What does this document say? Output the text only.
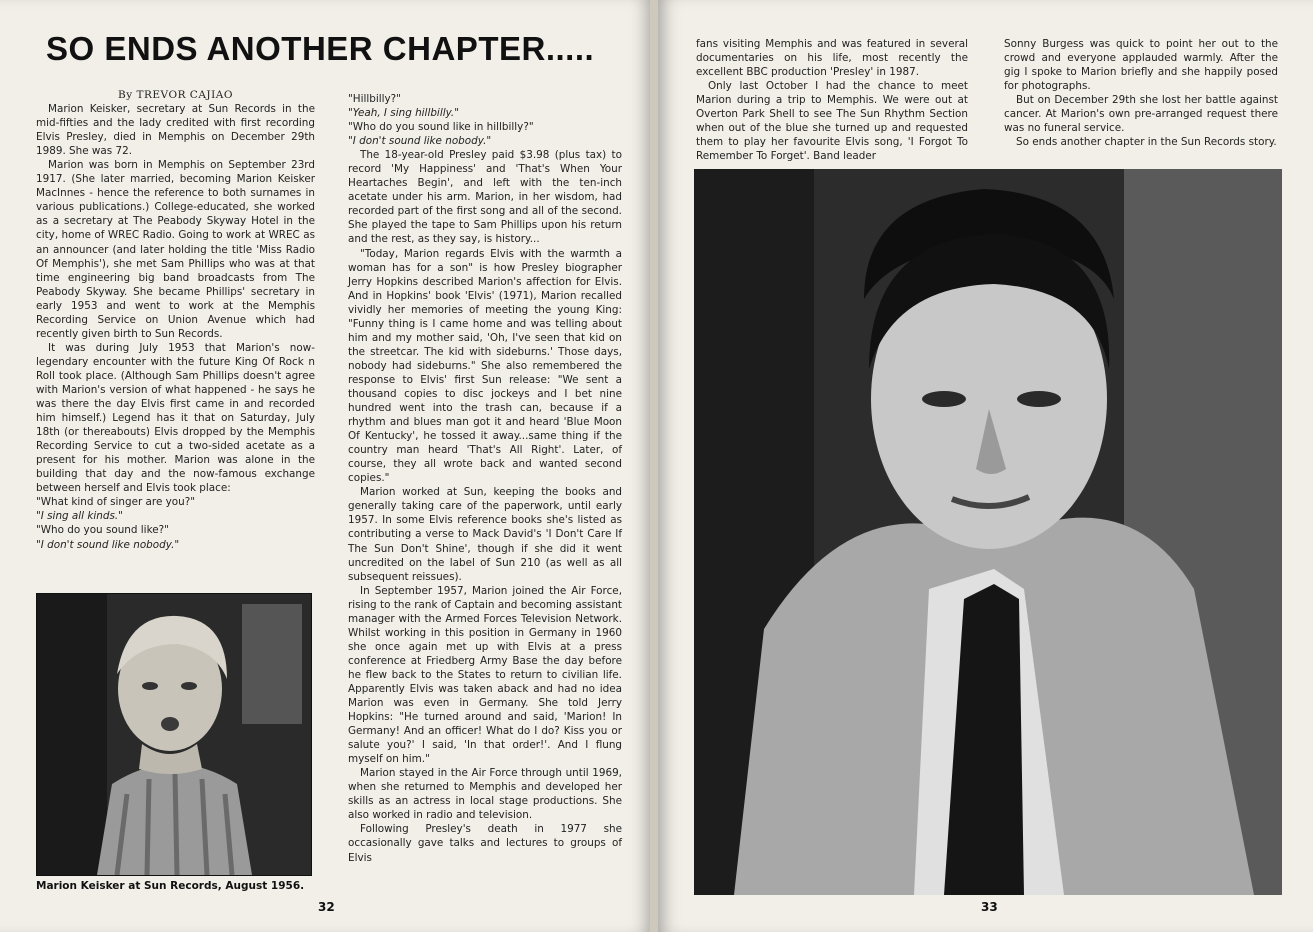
SO ENDS ANOTHER CHAPTER.....

By TREVOR CAJIAO

Marion Keisker, secretary at Sun Records in the mid-fifties and the lady credited with first recording Elvis Presley, died in Memphis on December 29th 1989. She was 72.

Marion was born in Memphis on September 23rd 1917. (She later married, becoming Marion Keisker MacInnes - hence the reference to both surnames in various publications.) College-educated, she worked as a secretary at The Peabody Skyway Hotel in the city, home of WREC Radio. Going to work at WREC as an announcer (and later holding the title 'Miss Radio Of Memphis'), she met Sam Phillips who was at that time engineering big band broadcasts from The Peabody Skyway. She became Phillips' secretary in early 1953 and went to work at the Memphis Recording Service on Union Avenue which had recently given birth to Sun Records.

It was during July 1953 that Marion's now-legendary encounter with the future King Of Rock n Roll took place. (Although Sam Phillips doesn't agree with Marion's version of what happened - he says he was there the day Elvis first came in and recorded him himself.) Legend has it that on Saturday, July 18th (or thereabouts) Elvis dropped by the Memphis Recording Service to cut a two-sided acetate as a present for his mother. Marion was alone in the building that day and the now-famous exchange between herself and Elvis took place:

"What kind of singer are you?"

"I sing all kinds."

"Who do you sound like?"

"I don't sound like nobody."

"Hillbilly?"

"Yeah, I sing hillbilly."

"Who do you sound like in hillbilly?"

"I don't sound like nobody."

The 18-year-old Presley paid $3.98 (plus tax) to record 'My Happiness' and 'That's When Your Heartaches Begin', and left with the ten-inch acetate under his arm. Marion, in her wisdom, had recorded part of the first song and all of the second. She played the tape to Sam Phillips upon his return and the rest, as they say, is history...

"Today, Marion regards Elvis with the warmth a woman has for a son" is how Presley biographer Jerry Hopkins described Marion's affection for Elvis. And in Hopkins' book 'Elvis' (1971), Marion recalled vividly her memories of meeting the young King: "Funny thing is I came home and was telling about him and my mother said, 'Oh, I've seen that kid on the streetcar. The kid with sideburns.' Those days, nobody had sideburns." She also remembered the response to Elvis' first Sun release: "We sent a thousand copies to disc jockeys and I bet nine hundred went into the trash can, because if a rhythm and blues man got it and heard 'Blue Moon Of Kentucky', he tossed it away...same thing if the country man heard 'That's All Right'. Later, of course, they all wrote back and wanted second copies."

Marion worked at Sun, keeping the books and generally taking care of the paperwork, until early 1957. In some Elvis reference books she's listed as contributing a verse to Mack David's 'I Don't Care If The Sun Don't Shine', though if she did it went uncredited on the label of Sun 210 (as well as all subsequent reissues).

In September 1957, Marion joined the Air Force, rising to the rank of Captain and becoming assistant manager with the Armed Forces Television Network. Whilst working in this position in Germany in 1960 she once again met up with Elvis at a press conference at Friedberg Army Base the day before he flew back to the States to return to civilian life. Apparently Elvis was taken aback and had no idea Marion was even in Germany. She told Jerry Hopkins: "He turned around and said, 'Marion! In Germany! And an officer! What do I do? Kiss you or salute you?' I said, 'In that order!'. And I flung myself on him."

Marion stayed in the Air Force through until 1969, when she returned to Memphis and developed her skills as an actress in local stage productions. She also worked in radio and television.

Following Presley's death in 1977 she occasionally gave talks and lectures to groups of Elvis

Marion Keisker at Sun Records, August 1956.
32

fans visiting Memphis and was featured in several documentaries on his life, most recently the excellent BBC production 'Presley' in 1987.

Only last October I had the chance to meet Marion during a trip to Memphis. We were out at Overton Park Shell to see The Sun Rhythm Section when out of the blue she turned up and requested them to play her favourite Elvis song, 'I Forgot To Remember To Forget'. Band leader

Sonny Burgess was quick to point her out to the crowd and everyone applauded warmly. After the gig I spoke to Marion briefly and she happily posed for photographs.

But on December 29th she lost her battle against cancer. At Marion's own pre-arranged request there was no funeral service.

So ends another chapter in the Sun Records story.

33
